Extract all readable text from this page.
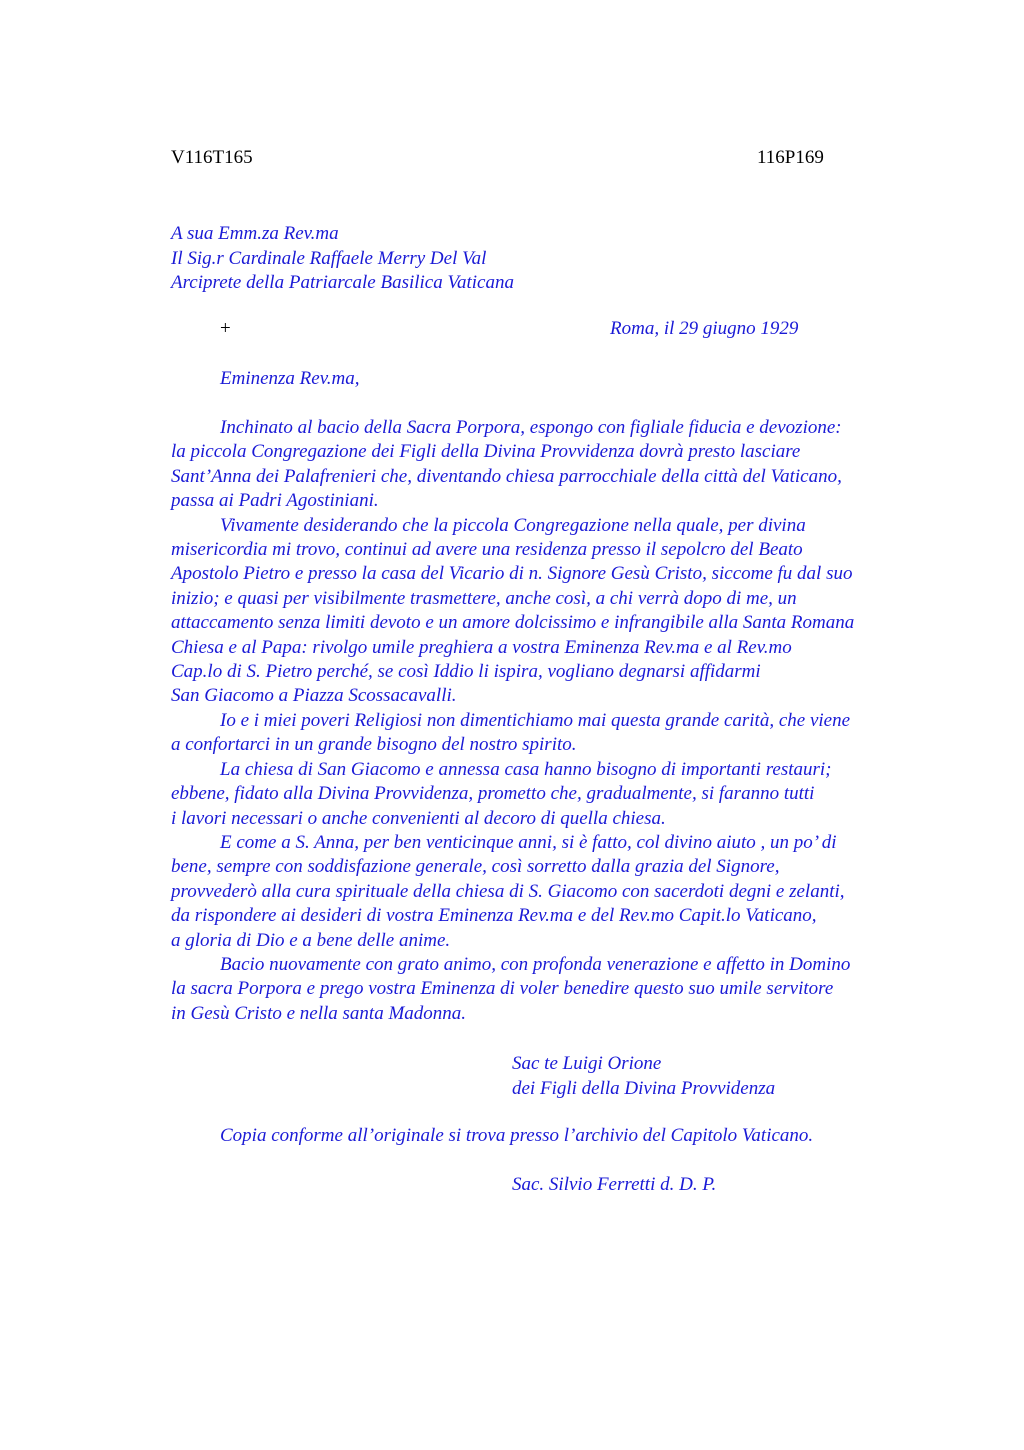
V116T165	116P169
A sua Emm.za Rev.ma
Il Sig.r Cardinale Raffaele Merry Del Val
Arciprete della Patriarcale Basilica Vaticana
+	Roma, il 29 giugno 1929
Eminenza Rev.ma,
Inchinato al bacio della Sacra Porpora, espongo con figliale fiducia e devozione:
la piccola Congregazione dei Figli della Divina Provvidenza dovrà presto lasciare
Sant’Anna dei Palafrenieri che, diventando chiesa parrocchiale della città del Vaticano,
passa ai Padri Agostiniani.
Vivamente desiderando che la piccola Congregazione nella quale, per divina
misericordia mi trovo, continui ad avere una residenza presso il sepolcro del Beato
Apostolo Pietro e presso la casa del Vicario di n. Signore Gesù Cristo, siccome fu dal suo
inizio; e quasi per visibilmente trasmettere, anche così, a chi verrà dopo di me, un
attaccamento senza limiti devoto e un amore dolcissimo e infrangibile alla Santa Romana
Chiesa e al Papa: rivolgo umile preghiera a vostra Eminenza Rev.ma e al Rev.mo
Cap.lo di S. Pietro perché, se così Iddio li ispira, vogliano degnarsi affidarmi
San Giacomo a Piazza Scossacavalli.
Io e i miei poveri Religiosi non dimentichiamo mai questa grande carità, che viene
a confortarci in un grande bisogno del nostro spirito.
La chiesa di San Giacomo e annessa casa hanno bisogno di importanti restauri;
ebbene, fidato alla Divina Provvidenza, prometto che, gradualmente, si faranno tutti
i lavori necessari o anche convenienti al decoro di quella chiesa.
E come a S. Anna, per ben venticinque anni, si è fatto, col divino aiuto , un po’ di
bene, sempre con soddisfazione generale, così sorretto dalla grazia del Signore,
provvederò alla cura spirituale della chiesa di S. Giacomo con sacerdoti degni e zelanti,
da rispondere ai desideri di vostra Eminenza Rev.ma e del Rev.mo Capit.lo Vaticano,
a gloria di Dio e a bene delle anime.
Bacio nuovamente con grato animo, con profonda venerazione e affetto in Domino
la sacra Porpora e prego vostra Eminenza di voler benedire questo suo umile servitore
in Gesù Cristo e nella santa Madonna.
Sac te Luigi Orione
dei Figli della Divina Provvidenza
Copia conforme all’originale si trova presso l’archivio del Capitolo Vaticano.
Sac. Silvio Ferretti d. D. P.
